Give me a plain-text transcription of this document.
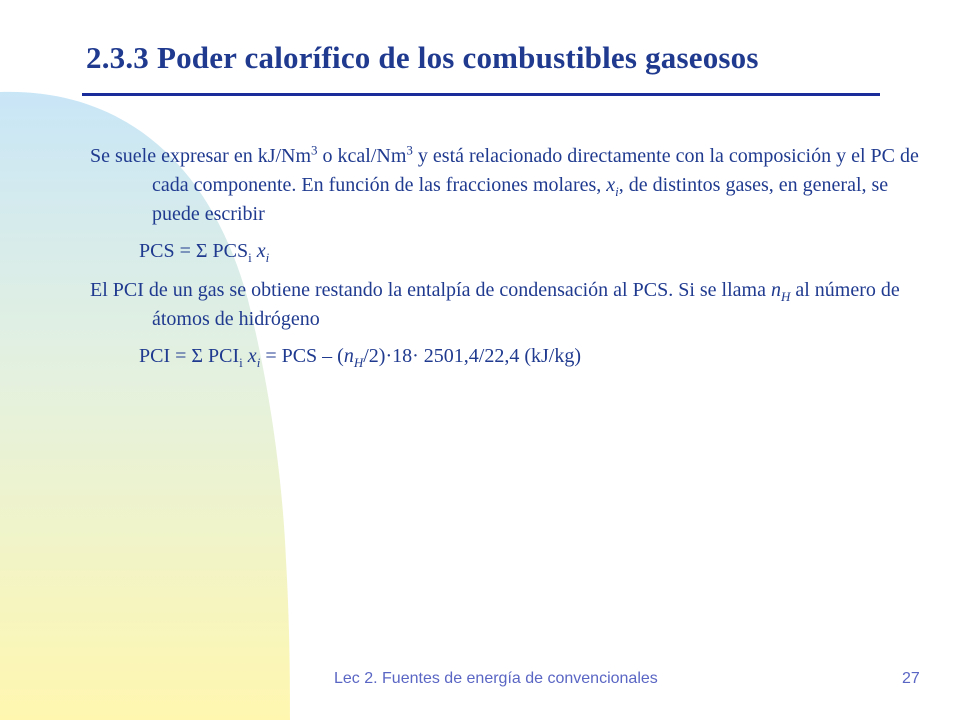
2.3.3 Poder calorífico de los combustibles gaseosos

Se suele expresar en kJ/Nm$^3$ o kcal/Nm$^3$ y está relacionado directamente con la composición y el PC de cada componente. En función de las fracciones molares, $x_i$, de distintos gases, en general, se puede escribir

PCS = Σ $PCS_i$ $x_i$

El PCI de un gas se obtiene restando la entalpía de condensación al PCS. Si se llama $n_H$ al número de átomos de hidrógeno

PCI = Σ $PCI_i$ $x_i$ = PCS – $(n_H/2)\cdot 18\cdot 2501,4/22,4$ (kJ/kg)
Lec 2. Fuentes de energía de convencionales	27
